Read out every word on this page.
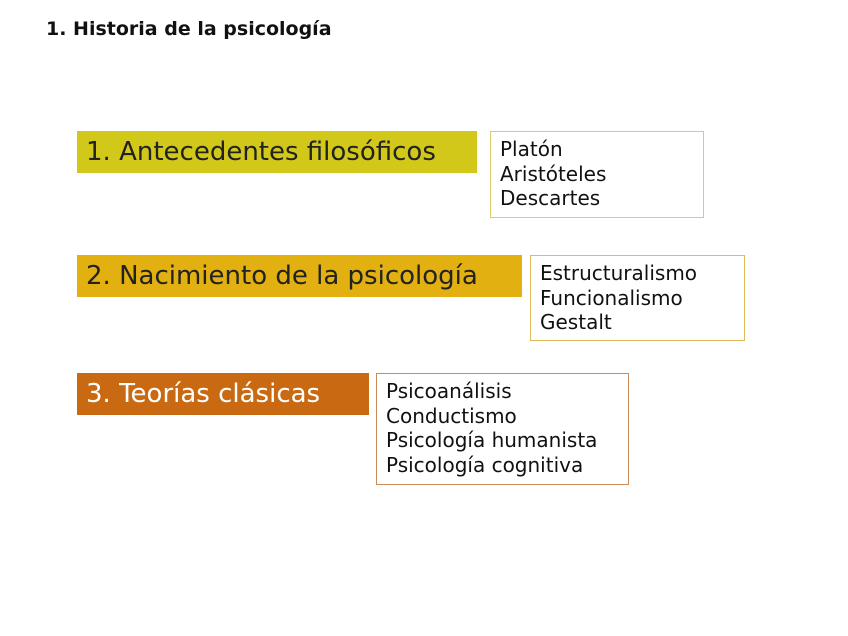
1. Historia de la psicología
1. Antecedentes filosóficos	Platón
Aristóteles
Descartes
2. Nacimiento de la psicología	Estructuralismo
Funcionalismo
Gestalt
3. Teorías clásicas	Psicoanálisis
Conductismo
Psicología humanista
Psicología cognitiva
